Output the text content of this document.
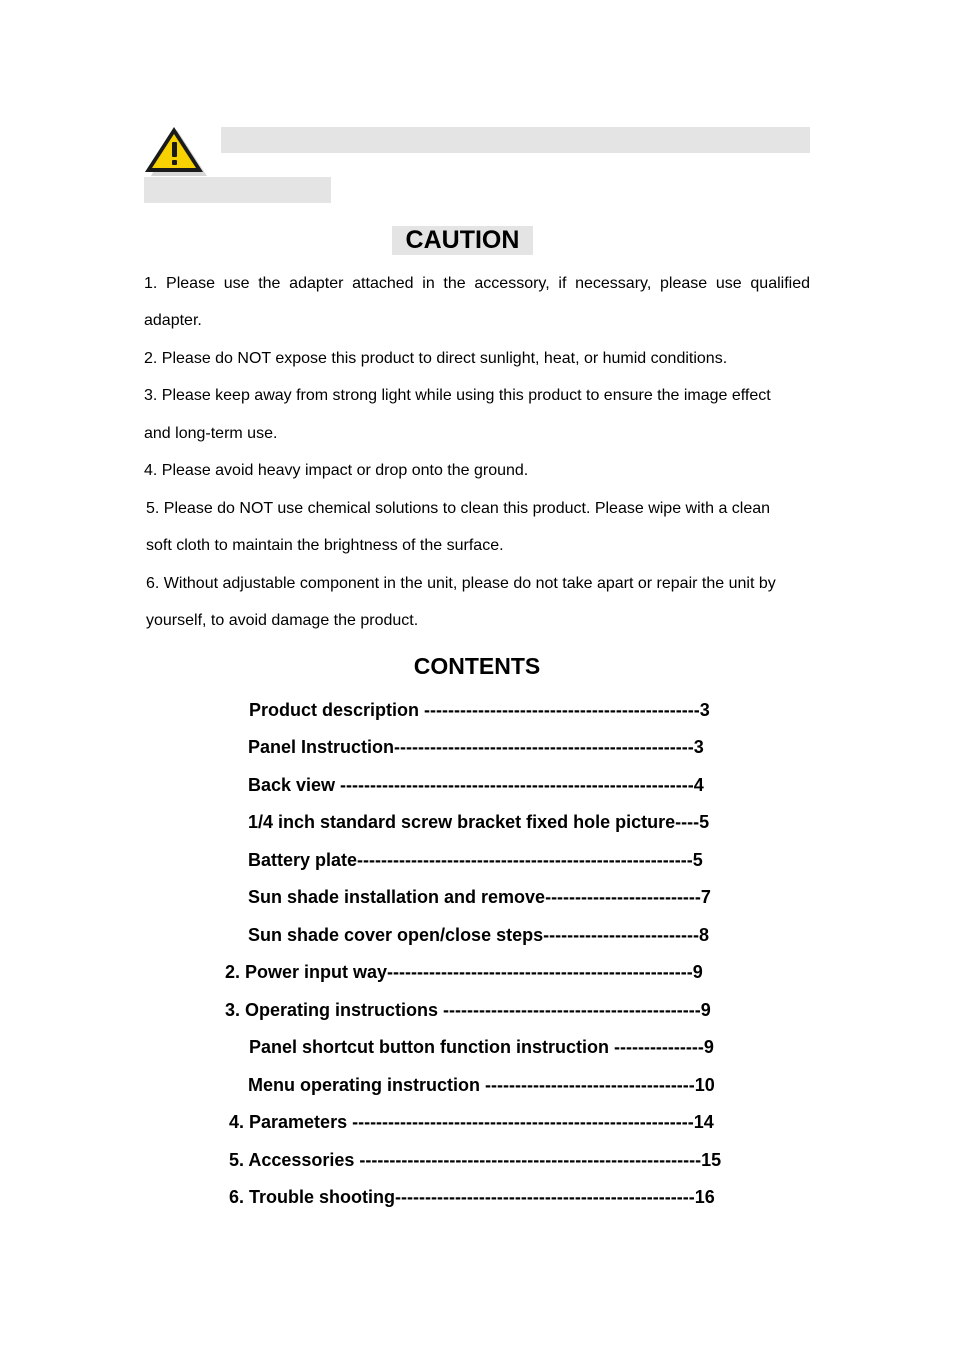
CAUTION
1. Please use the adapter attached in the accessory, if necessary, please use qualified
adapter.
2. Please do NOT expose this product to direct sunlight, heat, or humid conditions.
3. Please keep away from strong light while using this product to ensure the image effect
and long-term use.
4. Please avoid heavy impact or drop onto the ground.
5. Please do NOT use chemical solutions to clean this product. Please wipe with a clean
soft cloth to maintain the brightness of the surface.
6. Without adjustable component in the unit, please do not take apart or repair the unit by
yourself, to avoid damage the product.
CONTENTS
Product description ----------------------------------------------3
Panel Instruction--------------------------------------------------3
Back view -----------------------------------------------------------4
1/4 inch standard screw bracket fixed hole picture----5
Battery plate--------------------------------------------------------5
Sun shade installation and remove--------------------------7
Sun shade cover open/close steps--------------------------8
2. Power input way---------------------------------------------------9
3. Operating instructions -------------------------------------------9
Panel shortcut button function instruction ---------------9
Menu operating instruction -----------------------------------10
4. Parameters ---------------------------------------------------------14
5. Accessories ---------------------------------------------------------15
6. Trouble shooting--------------------------------------------------16
